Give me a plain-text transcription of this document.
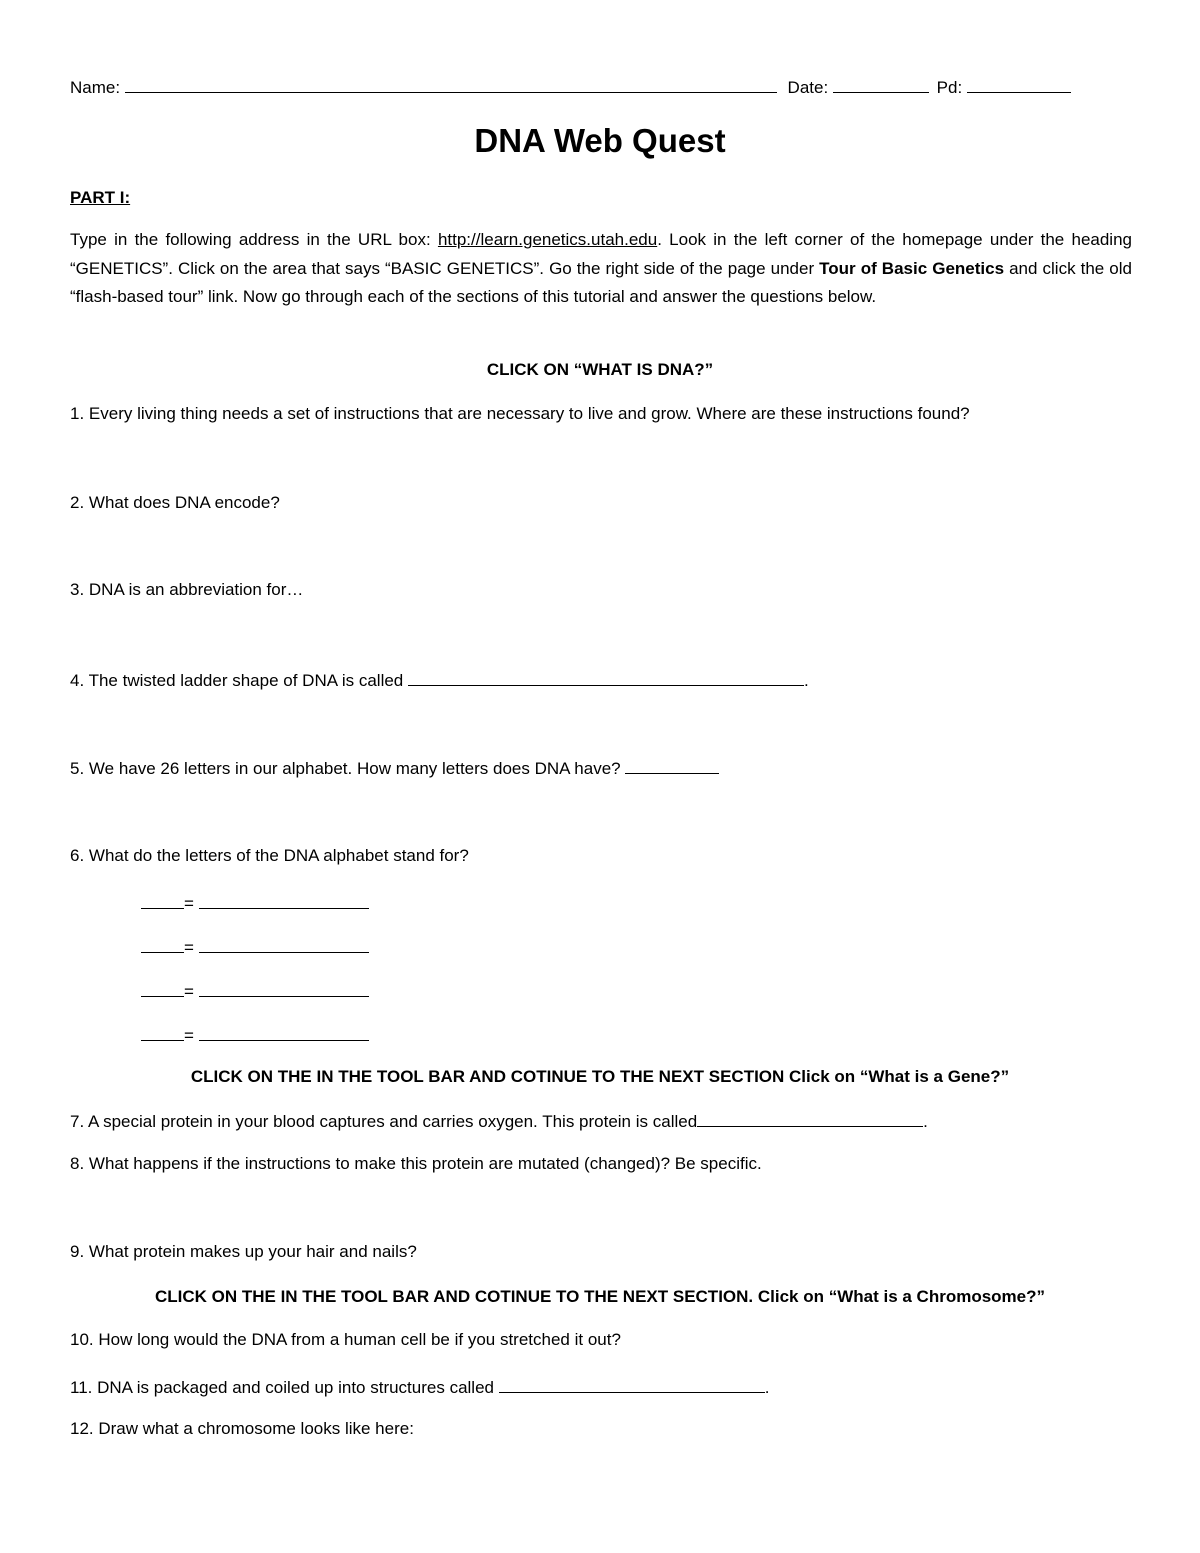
Name:	Date:	Pd:
DNA Web Quest
PART I:
Type in the following address in the URL box: http://learn.genetics.utah.edu. Look in the left corner of the homepage under the heading “GENETICS”. Click on the area that says “BASIC GENETICS”. Go the right side of the page under Tour of Basic Genetics and click the old “flash-based tour” link. Now go through each of the sections of this tutorial and answer the questions below.
CLICK ON “WHAT IS DNA?”
1. Every living thing needs a set of instructions that are necessary to live and grow. Where are these instructions found?
2. What does DNA encode?
3. DNA is an abbreviation for…
4. The twisted ladder shape of DNA is called	.
5. We have 26 letters in our alphabet. How many letters does DNA have?
6. What do the letters of the DNA alphabet stand for?
=
=
=
=
CLICK ON THE IN THE TOOL BAR AND COTINUE TO THE NEXT SECTION Click on “What is a Gene?”
7. A special protein in your blood captures and carries oxygen. This protein is called	.
8. What happens if the instructions to make this protein are mutated (changed)? Be specific.
9. What protein makes up your hair and nails?
CLICK ON THE IN THE TOOL BAR AND COTINUE TO THE NEXT SECTION. Click on “What is a Chromosome?”
10. How long would the DNA from a human cell be if you stretched it out?
11. DNA is packaged and coiled up into structures called	.
12. Draw what a chromosome looks like here:
